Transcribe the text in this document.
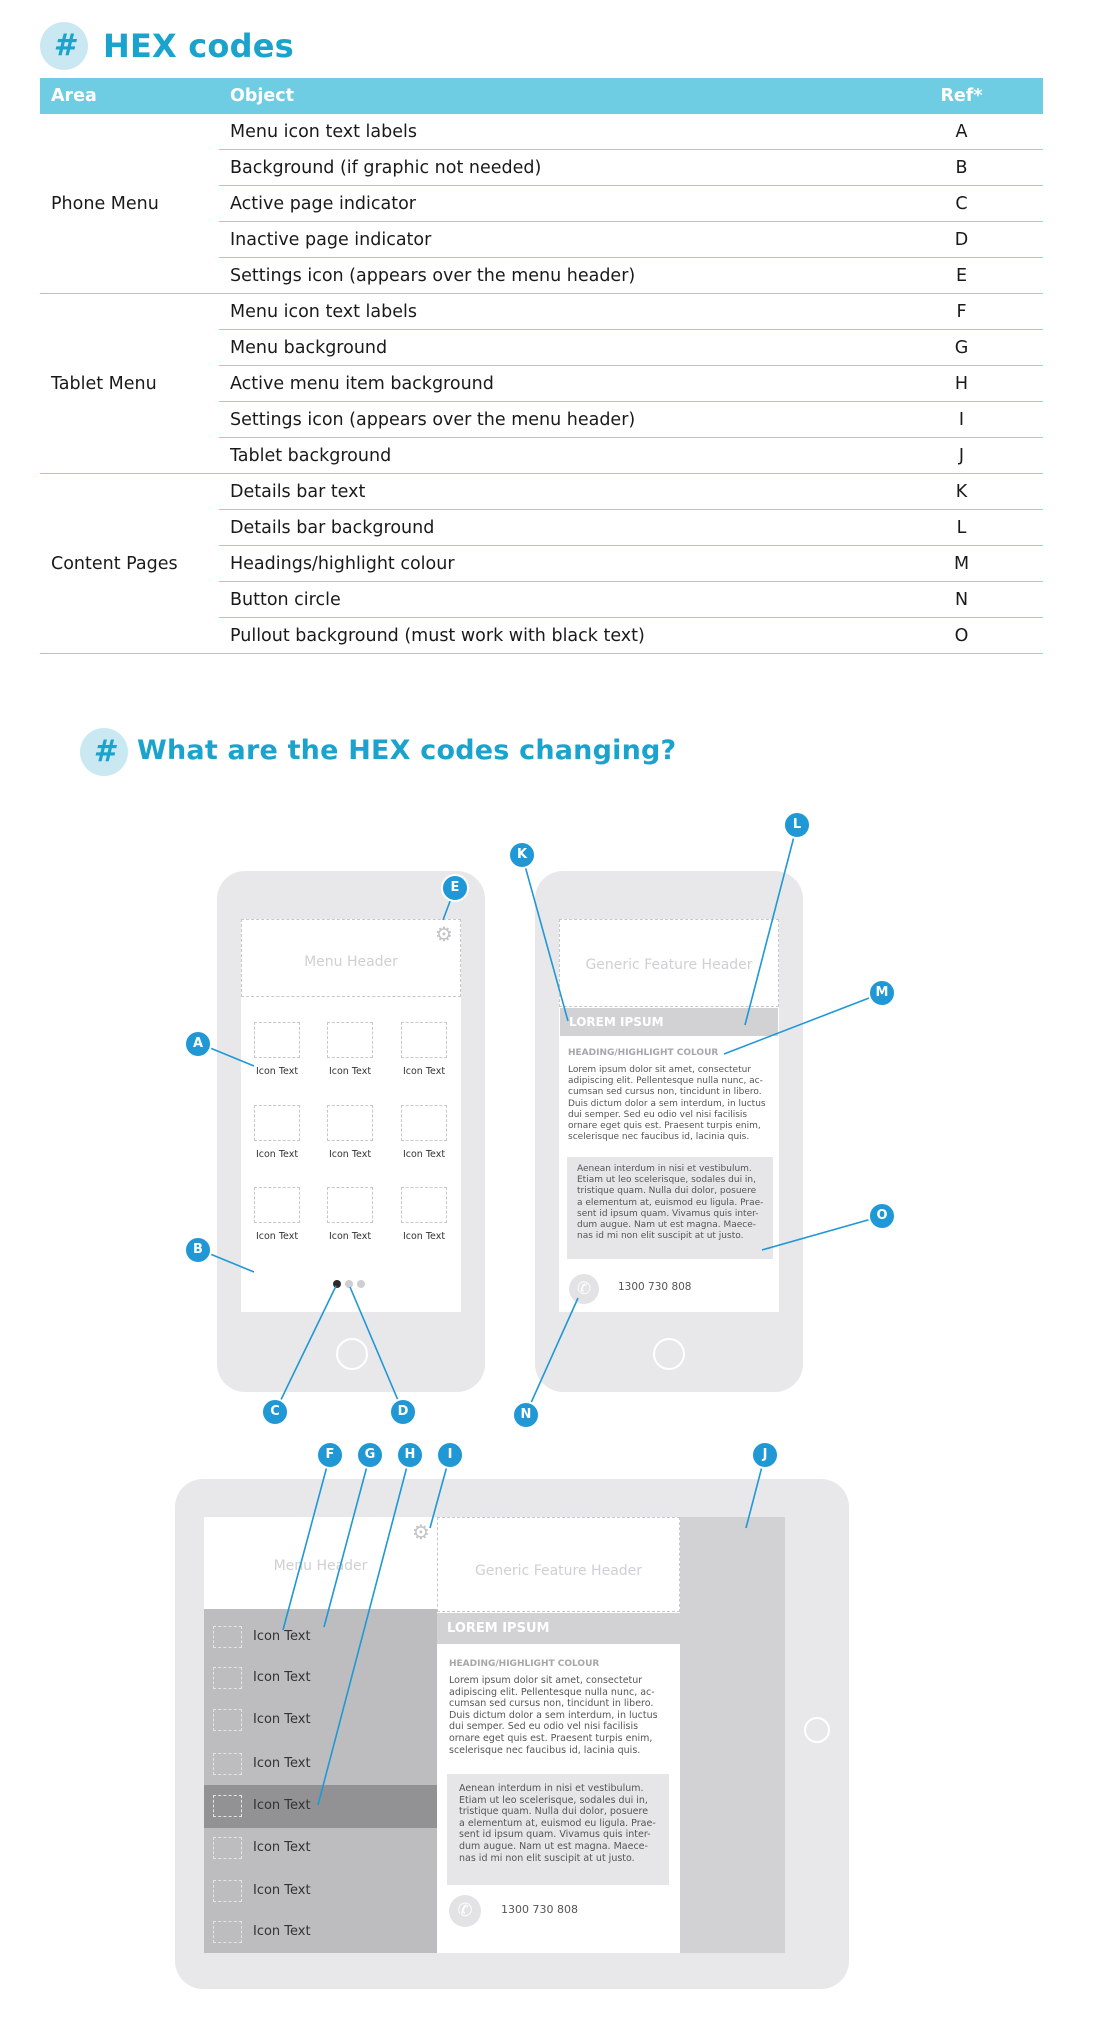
# HEX codes
Area	Object	Ref*
Phone Menu	Menu icon text labels	A
	Background (if graphic not needed)	B
	Active page indicator	C
	Inactive page indicator	D
	Settings icon (appears over the menu header)	E
Tablet Menu	Menu icon text labels	F
	Menu background	G
	Active menu item background	H
	Settings icon (appears over the menu header)	I
	Tablet background	J
Content Pages	Details bar text	K
	Details bar background	L
	Headings/highlight colour	M
	Button circle	N
	Pullout background (must work with black text)	O
# What are the HEX codes changing?
Menu Header
⚙
Icon Text	Icon Text	Icon Text
Icon Text	Icon Text	Icon Text
Icon Text	Icon Text	Icon Text
Generic Feature Header
LOREM IPSUM
HEADING/HIGHLIGHT COLOUR
Lorem ipsum dolor sit amet, consectetur
adipiscing elit. Pellentesque nulla nunc, ac-
cumsan sed cursus non, tincidunt in libero.
Duis dictum dolor a sem interdum, in luctus
dui semper. Sed eu odio vel nisi facilisis
ornare eget quis est. Praesent turpis enim,
scelerisque nec faucibus id, lacinia quis.
Aenean interdum in nisi et vestibulum.
Etiam ut leo scelerisque, sodales dui in,
tristique quam. Nulla dui dolor, posuere
a elementum at, euismod eu ligula. Prae-
sent id ipsum quam. Vivamus quis inter-
dum augue. Nam ut est magna. Maece-
nas id mi non elit suscipit at ut justo.
✆	1300 730 808
Menu Header
⚙
Generic Feature Header
Icon Text
Icon Text
Icon Text
Icon Text
Icon Text
Icon Text
Icon Text
Icon Text
LOREM IPSUM
HEADING/HIGHLIGHT COLOUR
Lorem ipsum dolor sit amet, consectetur
adipiscing elit. Pellentesque nulla nunc, ac-
cumsan sed cursus non, tincidunt in libero.
Duis dictum dolor a sem interdum, in luctus
dui semper. Sed eu odio vel nisi facilisis
ornare eget quis est. Praesent turpis enim,
scelerisque nec faucibus id, lacinia quis.
Aenean interdum in nisi et vestibulum.
Etiam ut leo scelerisque, sodales dui in,
tristique quam. Nulla dui dolor, posuere
a elementum at, euismod eu ligula. Prae-
sent id ipsum quam. Vivamus quis inter-
dum augue. Nam ut est magna. Maece-
nas id mi non elit suscipit at ut justo.
✆	1300 730 808
A
B
C	D
E
F	G	H	I	J
K
L
M
N
O
